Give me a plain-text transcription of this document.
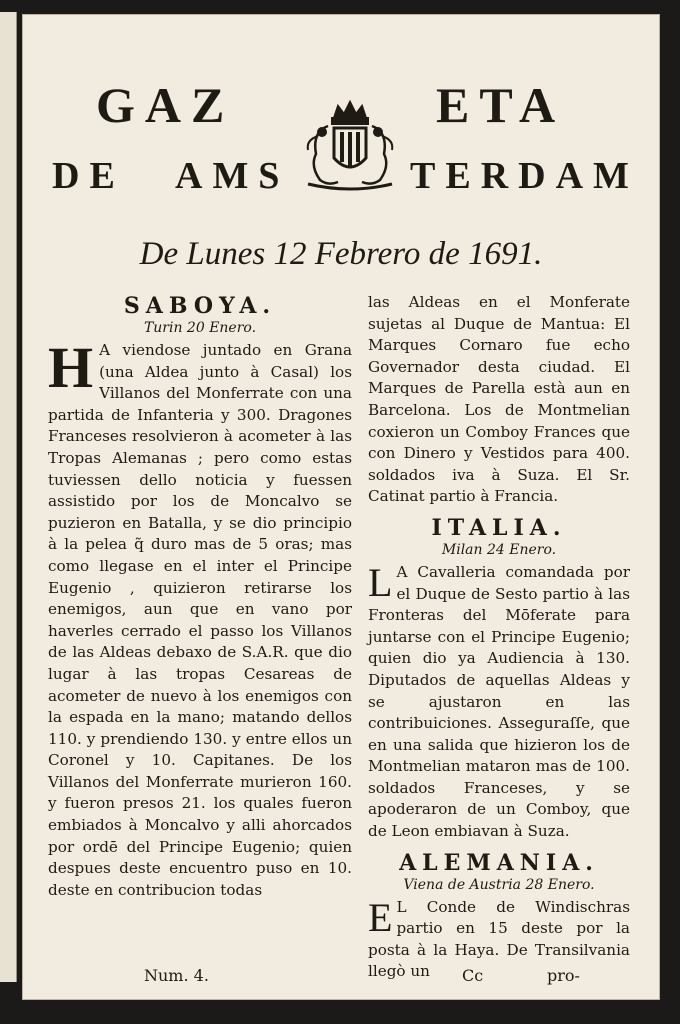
GAZ	ETA
DE AMS	TERDAM
De Lunes 12 Febrero de 1691.

SABOYA.

Turin 20 Enero.

H A viendose juntado en Grana (una Aldea junto à Casal) los Villanos del Monferrate con una partida de Infanteria y 300. Dragones Franceses resolvieron à acometer à las Tropas Alemanas ; pero como estas tuviessen dello noticia y fuessen assistido por los de Moncalvo se puzieron en Batalla, y se dio principio à la pelea q̃ duro mas de 5 oras; mas como llegase en el inter el Principe Eugenio , quizieron retirarse los enemigos, aun que en vano por haverles cerrado el passo los Villanos de las Aldeas debaxo de S.A.R. que dio lugar à las tropas Cesareas de acometer de nuevo à los enemigos con la espada en la mano; matando dellos 110. y prendiendo 130. y entre ellos un Coronel y 10. Capitanes. De los Villanos del Monferrate murieron 160. y fueron presos 21. los quales fueron embiados à Moncalvo y alli ahorcados por ordē del Principe Eugenio; quien despues deste encuentro puso en 10. deste en contribucion todas

las Aldeas en el Monferate sujetas al Duque de Mantua: El Marques Cornaro fue echo Governador desta ciudad. El Marques de Parella està aun en Barcelona. Los de Montmelian coxieron un Comboy Frances que con Dinero y Vestidos para 400. soldados iva à Suza. El Sr. Catinat partio à Francia.

ITALIA.

Milan 24 Enero.

L A Cavalleria comandada por el Duque de Sesto partio à las Fronteras del Mōferate para juntarse con el Principe Eugenio; quien dio ya Audiencia à 130. Diputados de aquellas Aldeas y se ajustaron en las contribuiciones. Asseguraſſe, que en una salida que hizieron los de Montmelian mataron mas de 100. soldados Franceses, y se apoderaron de un Comboy, que de Leon embiavan à Suza.

ALEMANIA.

Viena de Austria 28 Enero.

E L Conde de Windischras partio en 15 deste por la posta à la Haya. De Transilvania llegò un

Num. 4.	Cc	pro-
